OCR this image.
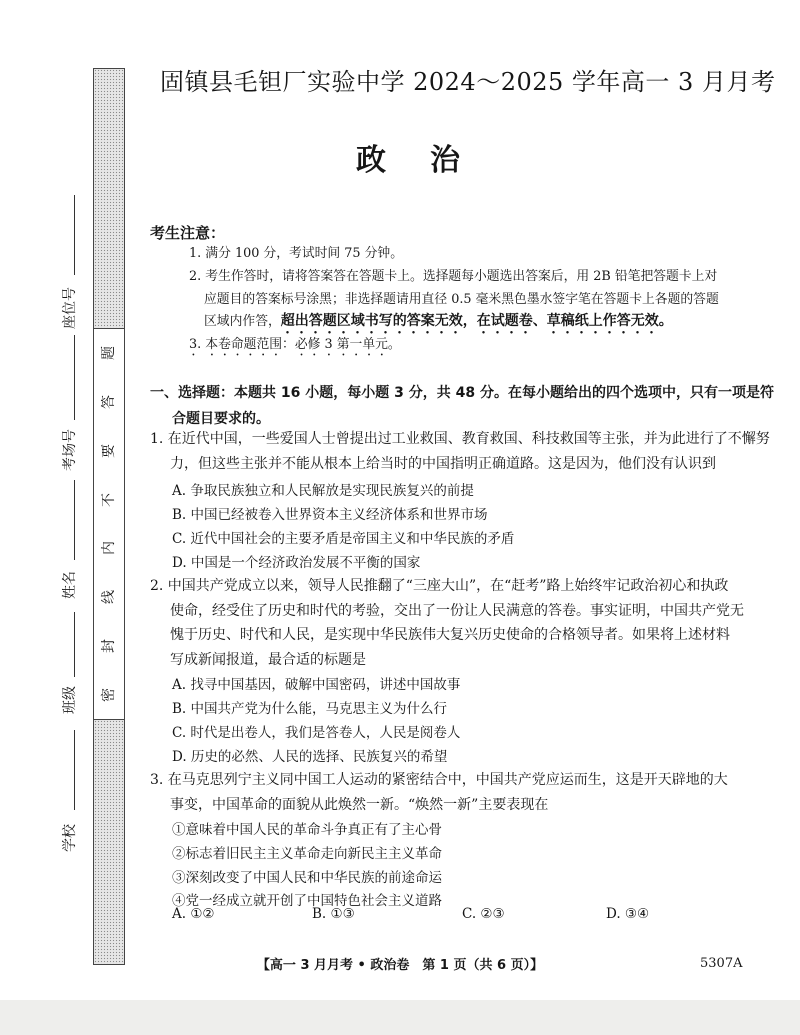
题
答
要
不
内
线
封
密
座位号
考场号
姓名
班级
学校
固镇县毛钽厂实验中学 2024～2025 学年高一 3 月月考
政治
考生注意：
1. 满分 100 分，考试时间 75 分钟。
2. 考生作答时，请将答案答在答题卡上。选择题每小题选出答案后，用 2B 铅笔把答题卡上对
应题目的答案标号涂黑；非选择题请用直径 0.5 毫米黑色墨水签字笔在答题卡上各题的答题
区域内作答，超出答题区域书写的答案无效，在试题卷、草稿纸上作答无效。
3. 本卷命题范围：必修 3 第一单元。
一、选择题：本题共 16 小题，每小题 3 分，共 48 分。在每小题给出的四个选项中，只有一项是符
合题目要求的。
1. 在近代中国，一些爱国人士曾提出过工业救国、教育救国、科技救国等主张，并为此进行了不懈努
力，但这些主张并不能从根本上给当时的中国指明正确道路。这是因为，他们没有认识到
A. 争取民族独立和人民解放是实现民族复兴的前提
B. 中国已经被卷入世界资本主义经济体系和世界市场
C. 近代中国社会的主要矛盾是帝国主义和中华民族的矛盾
D. 中国是一个经济政治发展不平衡的国家
2. 中国共产党成立以来，领导人民推翻了“三座大山”，在“赶考”路上始终牢记政治初心和执政
使命，经受住了历史和时代的考验，交出了一份让人民满意的答卷。事实证明，中国共产党无
愧于历史、时代和人民，是实现中华民族伟大复兴历史使命的合格领导者。如果将上述材料
写成新闻报道，最合适的标题是
A. 找寻中国基因，破解中国密码，讲述中国故事
B. 中国共产党为什么能，马克思主义为什么行
C. 时代是出卷人，我们是答卷人，人民是阅卷人
D. 历史的必然、人民的选择、民族复兴的希望
3. 在马克思列宁主义同中国工人运动的紧密结合中，中国共产党应运而生，这是开天辟地的大
事变，中国革命的面貌从此焕然一新。“焕然一新”主要表现在
①意味着中国人民的革命斗争真正有了主心骨
②标志着旧民主主义革命走向新民主主义革命
③深刻改变了中国人民和中华民族的前途命运
④党一经成立就开创了中国特色社会主义道路
A. ①②	B. ①③	C. ②③	D. ③④
【高一 3 月月考 • 政治卷　第 1 页（共 6 页）】	5307A
